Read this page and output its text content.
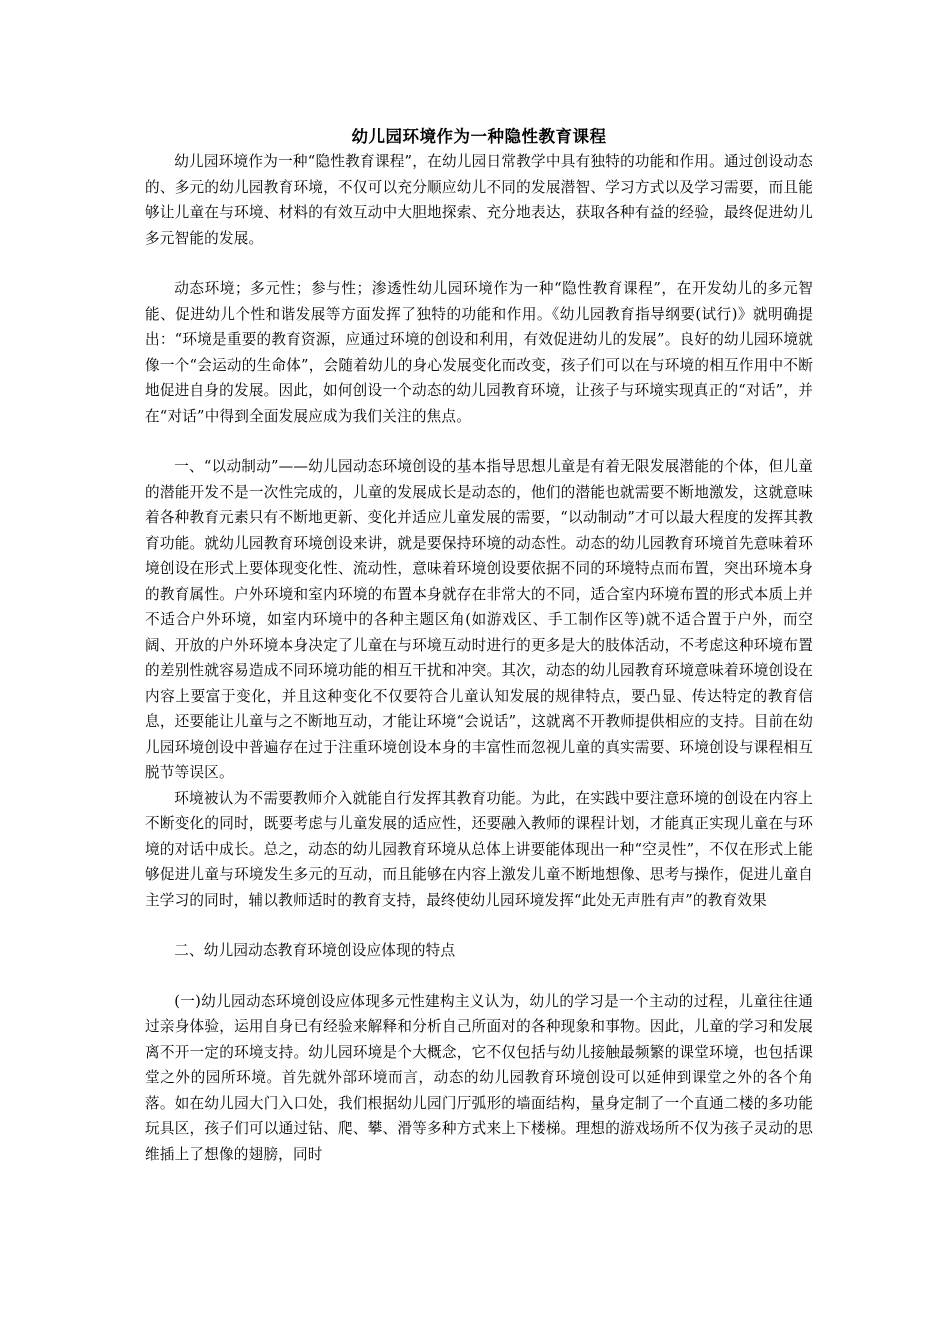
幼儿园环境作为一种隐性教育课程

幼儿园环境作为一种“隐性教育课程”，在幼儿园日常教学中具有独特的功能和作用。通过创设动态的、多元的幼儿园教育环境，不仅可以充分顺应幼儿不同的发展潜智、学习方式以及学习需要，而且能够让儿童在与环境、材料的有效互动中大胆地探索、充分地表达，获取各种有益的经验，最终促进幼儿多元智能的发展。

动态环境；多元性；参与性；渗透性幼儿园环境作为一种“隐性教育课程”，在开发幼儿的多元智能、促进幼儿个性和谐发展等方面发挥了独特的功能和作用。《幼儿园教育指导纲要(试行)》就明确提出：“环境是重要的教育资源，应通过环境的创设和利用，有效促进幼儿的发展”。良好的幼儿园环境就像一个“会运动的生命体”，会随着幼儿的身心发展变化而改变，孩子们可以在与环境的相互作用中不断地促进自身的发展。因此，如何创设一个动态的幼儿园教育环境，让孩子与环境实现真正的“对话”，并在“对话”中得到全面发展应成为我们关注的焦点。

一、“以动制动”——幼儿园动态环境创设的基本指导思想儿童是有着无限发展潜能的个体，但儿童的潜能开发不是一次性完成的，儿童的发展成长是动态的，他们的潜能也就需要不断地激发，这就意味着各种教育元素只有不断地更新、变化并适应儿童发展的需要，“以动制动”才可以最大程度的发挥其教育功能。就幼儿园教育环境创设来讲，就是要保持环境的动态性。动态的幼儿园教育环境首先意味着环境创设在形式上要体现变化性、流动性，意味着环境创设要依据不同的环境特点而布置，突出环境本身的教育属性。户外环境和室内环境的布置本身就存在非常大的不同，适合室内环境布置的形式本质上并不适合户外环境，如室内环境中的各种主题区角(如游戏区、手工制作区等)就不适合置于户外，而空阔、开放的户外环境本身决定了儿童在与环境互动时进行的更多是大的肢体活动，不考虑这种环境布置的差别性就容易造成不同环境功能的相互干扰和冲突。其次，动态的幼儿园教育环境意味着环境创设在内容上要富于变化，并且这种变化不仅要符合儿童认知发展的规律特点，要凸显、传达特定的教育信息，还要能让儿童与之不断地互动，才能让环境“会说话”，这就离不开教师提供相应的支持。目前在幼儿园环境创设中普遍存在过于注重环境创设本身的丰富性而忽视儿童的真实需要、环境创设与课程相互脱节等误区。

环境被认为不需要教师介入就能自行发挥其教育功能。为此，在实践中要注意环境的创设在内容上不断变化的同时，既要考虑与儿童发展的适应性，还要融入教师的课程计划，才能真正实现儿童在与环境的对话中成长。总之，动态的幼儿园教育环境从总体上讲要能体现出一种“空灵性”，不仅在形式上能够促进儿童与环境发生多元的互动，而且能够在内容上激发儿童不断地想像、思考与操作，促进儿童自主学习的同时，辅以教师适时的教育支持，最终使幼儿园环境发挥“此处无声胜有声”的教育效果

二、幼儿园动态教育环境创设应体现的特点

(一)幼儿园动态环境创设应体现多元性建构主义认为，幼儿的学习是一个主动的过程，儿童往往通过亲身体验，运用自身已有经验来解释和分析自己所面对的各种现象和事物。因此，儿童的学习和发展离不开一定的环境支持。幼儿园环境是个大概念，它不仅包括与幼儿接触最频繁的课堂环境，也包括课堂之外的园所环境。首先就外部环境而言，动态的幼儿园教育环境创设可以延伸到课堂之外的各个角落。如在幼儿园大门入口处，我们根据幼儿园门厅弧形的墙面结构，量身定制了一个直通二楼的多功能玩具区，孩子们可以通过钻、爬、攀、滑等多种方式来上下楼梯。理想的游戏场所不仅为孩子灵动的思维插上了想像的翅膀，同时
